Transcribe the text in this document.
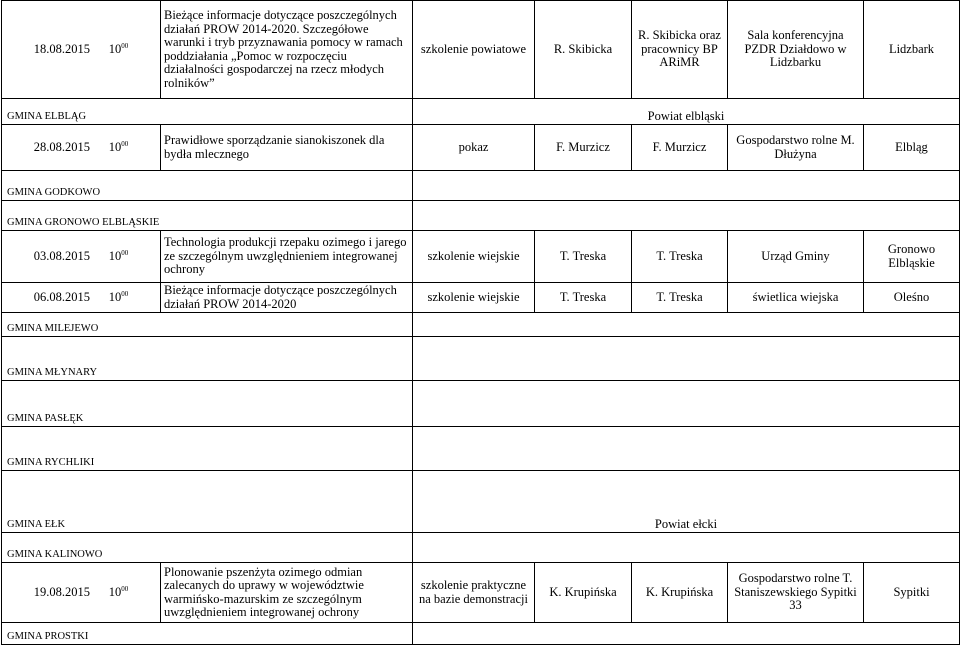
18.08.2015 $10^{00}$	Bieżące informacje dotyczące poszczególnych działań PROW 2014-2020. Szczegółowe warunki i tryb przyznawania pomocy w ramach poddziałania „Pomoc w rozpoczęciu działalności gospodarczej na rzecz młodych rolników”	szkolenie powiatowe	R. Skibicka	R. Skibicka oraz pracownicy BP ARiMR	Sala konferencyjna PZDR Działdowo w Lidzbarku	Lidzbark
GMINA ELBLĄG		Powiat elbląski				
28.08.2015 $10^{00}$	Prawidłowe sporządzanie sianokiszonek dla bydła mlecznego	pokaz	F. Murzicz	F. Murzicz	Gospodarstwo rolne M. Dłużyna	Elbląg
GMINA GODKOWO						
GMINA GRONOWO ELBLĄSKIE						
03.08.2015 $10^{00}$	Technologia produkcji rzepaku ozimego i jarego ze szczególnym uwzględnieniem integrowanej ochrony	szkolenie wiejskie	T. Treska	T. Treska	Urząd Gminy	Gronowo Elbląskie
06.08.2015 $10^{00}$	Bieżące informacje dotyczące poszczególnych działań PROW 2014-2020	szkolenie wiejskie	T. Treska	T. Treska	świetlica wiejska	Oleśno
GMINA MILEJEWO						
GMINA MŁYNARY						
GMINA PASŁĘK						
GMINA RYCHLIKI						
GMINA EŁK		Powiat ełcki				
GMINA KALINOWO						
19.08.2015 $10^{00}$	Plonowanie pszenżyta ozimego odmian zalecanych do uprawy w województwie warmińsko-mazurskim ze szczególnym uwzględnieniem integrowanej ochrony	szkolenie praktyczne na bazie demonstracji	K. Krupińska	K. Krupińska	Gospodarstwo rolne T. Staniszewskiego Sypitki 33	Sypitki
GMINA PROSTKI						
